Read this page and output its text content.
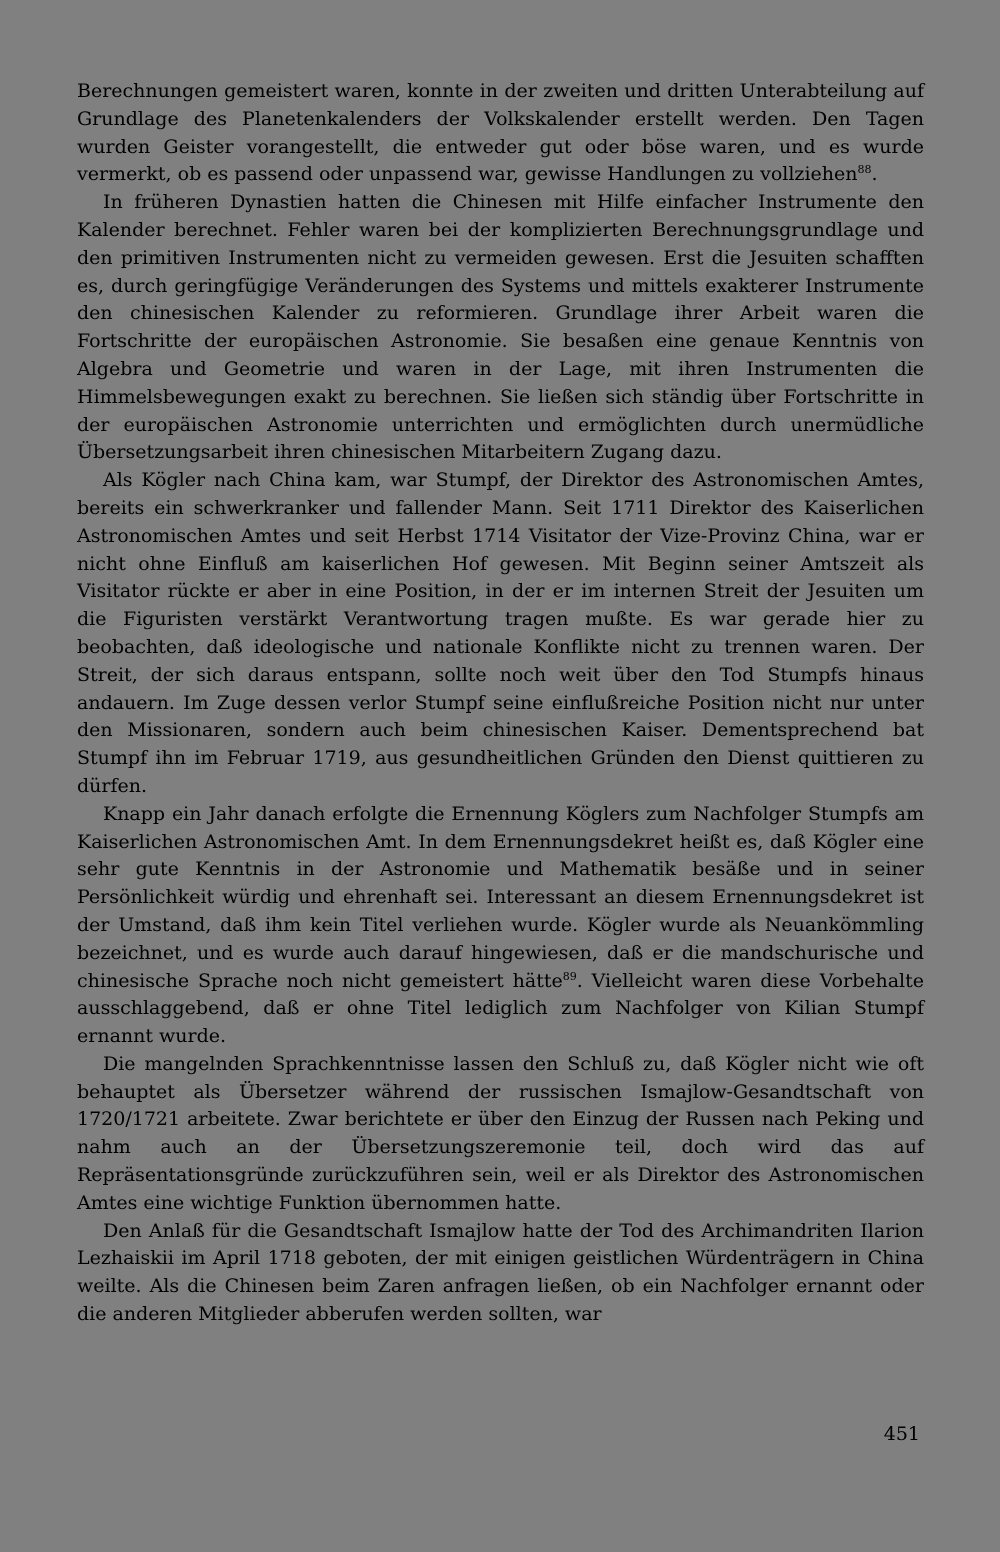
Berechnungen gemeistert waren, konnte in der zweiten und dritten Unterabteilung auf Grundlage des Planetenkalenders der Volkskalender erstellt werden. Den Tagen wurden Geister vorangestellt, die entweder gut oder böse waren, und es wurde vermerkt, ob es passend oder unpassend war, gewisse Handlungen zu vollziehen$^{88}$.

In früheren Dynastien hatten die Chinesen mit Hilfe einfacher Instrumente den Kalender berechnet. Fehler waren bei der komplizierten Berechnungsgrundlage und den primitiven Instrumenten nicht zu vermeiden gewesen. Erst die Jesuiten schafften es, durch geringfügige Veränderungen des Systems und mittels exakterer Instrumente den chinesischen Kalender zu reformieren. Grundlage ihrer Arbeit waren die Fortschritte der europäischen Astronomie. Sie besaßen eine genaue Kenntnis von Algebra und Geometrie und waren in der Lage, mit ihren Instrumenten die Himmelsbewegungen exakt zu berechnen. Sie ließen sich ständig über Fortschritte in der europäischen Astronomie unterrichten und ermöglichten durch unermüdliche Übersetzungsarbeit ihren chinesischen Mitarbeitern Zugang dazu.

Als Kögler nach China kam, war Stumpf, der Direktor des Astronomischen Amtes, bereits ein schwerkranker und fallender Mann. Seit 1711 Direktor des Kaiserlichen Astronomischen Amtes und seit Herbst 1714 Visitator der Vize-Provinz China, war er nicht ohne Einfluß am kaiserlichen Hof gewesen. Mit Beginn seiner Amtszeit als Visitator rückte er aber in eine Position, in der er im internen Streit der Jesuiten um die Figuristen verstärkt Verantwortung tragen mußte. Es war gerade hier zu beobachten, daß ideologische und nationale Konflikte nicht zu trennen waren. Der Streit, der sich daraus entspann, sollte noch weit über den Tod Stumpfs hinaus andauern. Im Zuge dessen verlor Stumpf seine einflußreiche Position nicht nur unter den Missionaren, sondern auch beim chinesischen Kaiser. Dementsprechend bat Stumpf ihn im Februar 1719, aus gesundheitlichen Gründen den Dienst quittieren zu dürfen.

Knapp ein Jahr danach erfolgte die Ernennung Köglers zum Nachfolger Stumpfs am Kaiserlichen Astronomischen Amt. In dem Ernennungsdekret heißt es, daß Kögler eine sehr gute Kenntnis in der Astronomie und Mathematik besäße und in seiner Persönlichkeit würdig und ehrenhaft sei. Interessant an diesem Ernennungsdekret ist der Umstand, daß ihm kein Titel verliehen wurde. Kögler wurde als Neuankömmling bezeichnet, und es wurde auch darauf hingewiesen, daß er die mandschurische und chinesische Sprache noch nicht gemeistert hätte$^{89}$. Vielleicht waren diese Vorbehalte ausschlaggebend, daß er ohne Titel lediglich zum Nachfolger von Kilian Stumpf ernannt wurde.

Die mangelnden Sprachkenntnisse lassen den Schluß zu, daß Kögler nicht wie oft behauptet als Übersetzer während der russischen Ismajlow-Gesandtschaft von 1720/1721 arbeitete. Zwar berichtete er über den Einzug der Russen nach Peking und nahm auch an der Übersetzungszeremonie teil, doch wird das auf Repräsentationsgründe zurückzuführen sein, weil er als Direktor des Astronomischen Amtes eine wichtige Funktion übernommen hatte.

Den Anlaß für die Gesandtschaft Ismajlow hatte der Tod des Archimandriten Ilarion Lezhaiskii im April 1718 geboten, der mit einigen geistlichen Würdenträgern in China weilte. Als die Chinesen beim Zaren anfragen ließen, ob ein Nachfolger ernannt oder die anderen Mitglieder abberufen werden sollten, war

451
